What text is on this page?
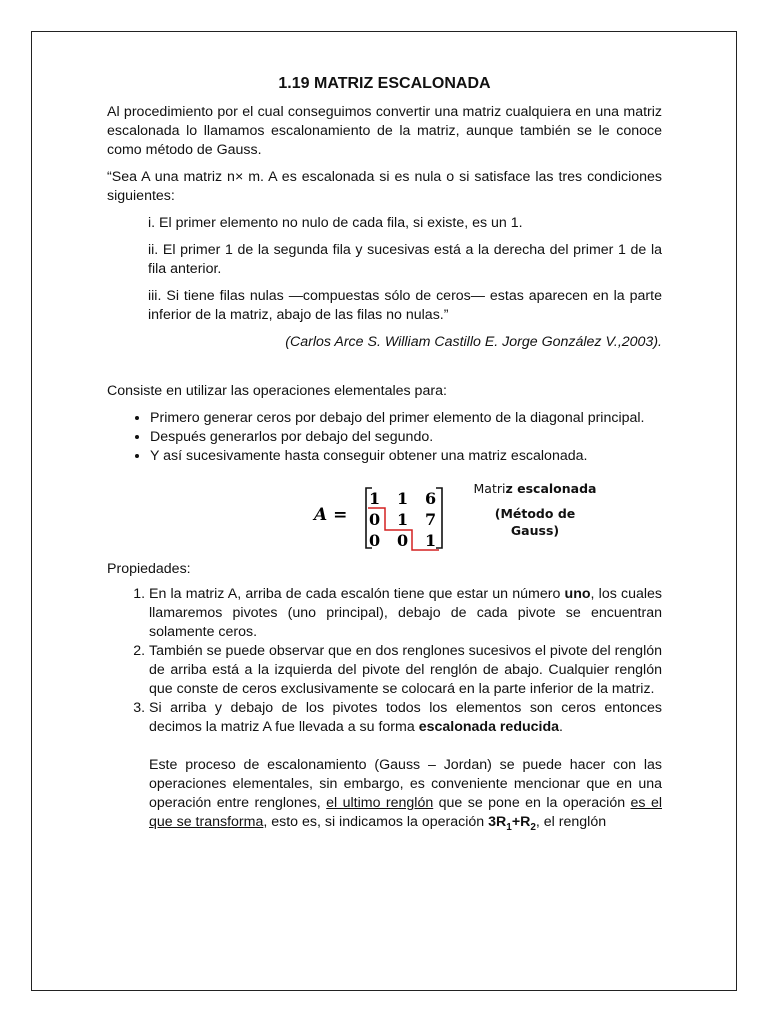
1.19 MATRIZ ESCALONADA

Al procedimiento por el cual conseguimos convertir una matriz cualquiera en una matriz escalonada lo llamamos escalonamiento de la matriz, aunque también se le conoce como método de Gauss.

“Sea A una matriz n× m. A es escalonada si es nula o si satisface las tres condiciones siguientes:

i. El primer elemento no nulo de cada fila, si existe, es un 1.

ii. El primer 1 de la segunda fila y sucesivas está a la derecha del primer 1 de la fila anterior.

iii. Si tiene filas nulas —compuestas sólo de ceros— estas aparecen en la parte inferior de la matriz, abajo de las filas no nulas.”

(Carlos Arce S. William Castillo E. Jorge González V.,2003).

Consiste en utilizar las operaciones elementales para:

• Primero generar ceros por debajo del primer elemento de la diagonal principal.
• Después generarlos por debajo del segundo.
• Y así sucesivamente hasta conseguir obtener una matriz escalonada.
A =
1 1 6
0 1 7
0 0 1
Matriz escalonada
(Método de
Gauss)

Propiedades:

1. En la matriz A, arriba de cada escalón tiene que estar un número uno, los cuales llamaremos pivotes (uno principal), debajo de cada pivote se encuentran solamente ceros.
2. También se puede observar que en dos renglones sucesivos el pivote del renglón de arriba está a la izquierda del pivote del renglón de abajo. Cualquier renglón que conste de ceros exclusivamente se colocará en la parte inferior de la matriz.
3. Si arriba y debajo de los pivotes todos los elementos son ceros entonces decimos la matriz A fue llevada a su forma escalonada reducida.
Este proceso de escalonamiento (Gauss – Jordan) se puede hacer con las operaciones elementales, sin embargo, es conveniente mencionar que en una operación entre renglones, el ultimo renglón que se pone en la operación es el que se transforma, esto es, si indicamos la operación $3R_1+R_2$, el renglón
